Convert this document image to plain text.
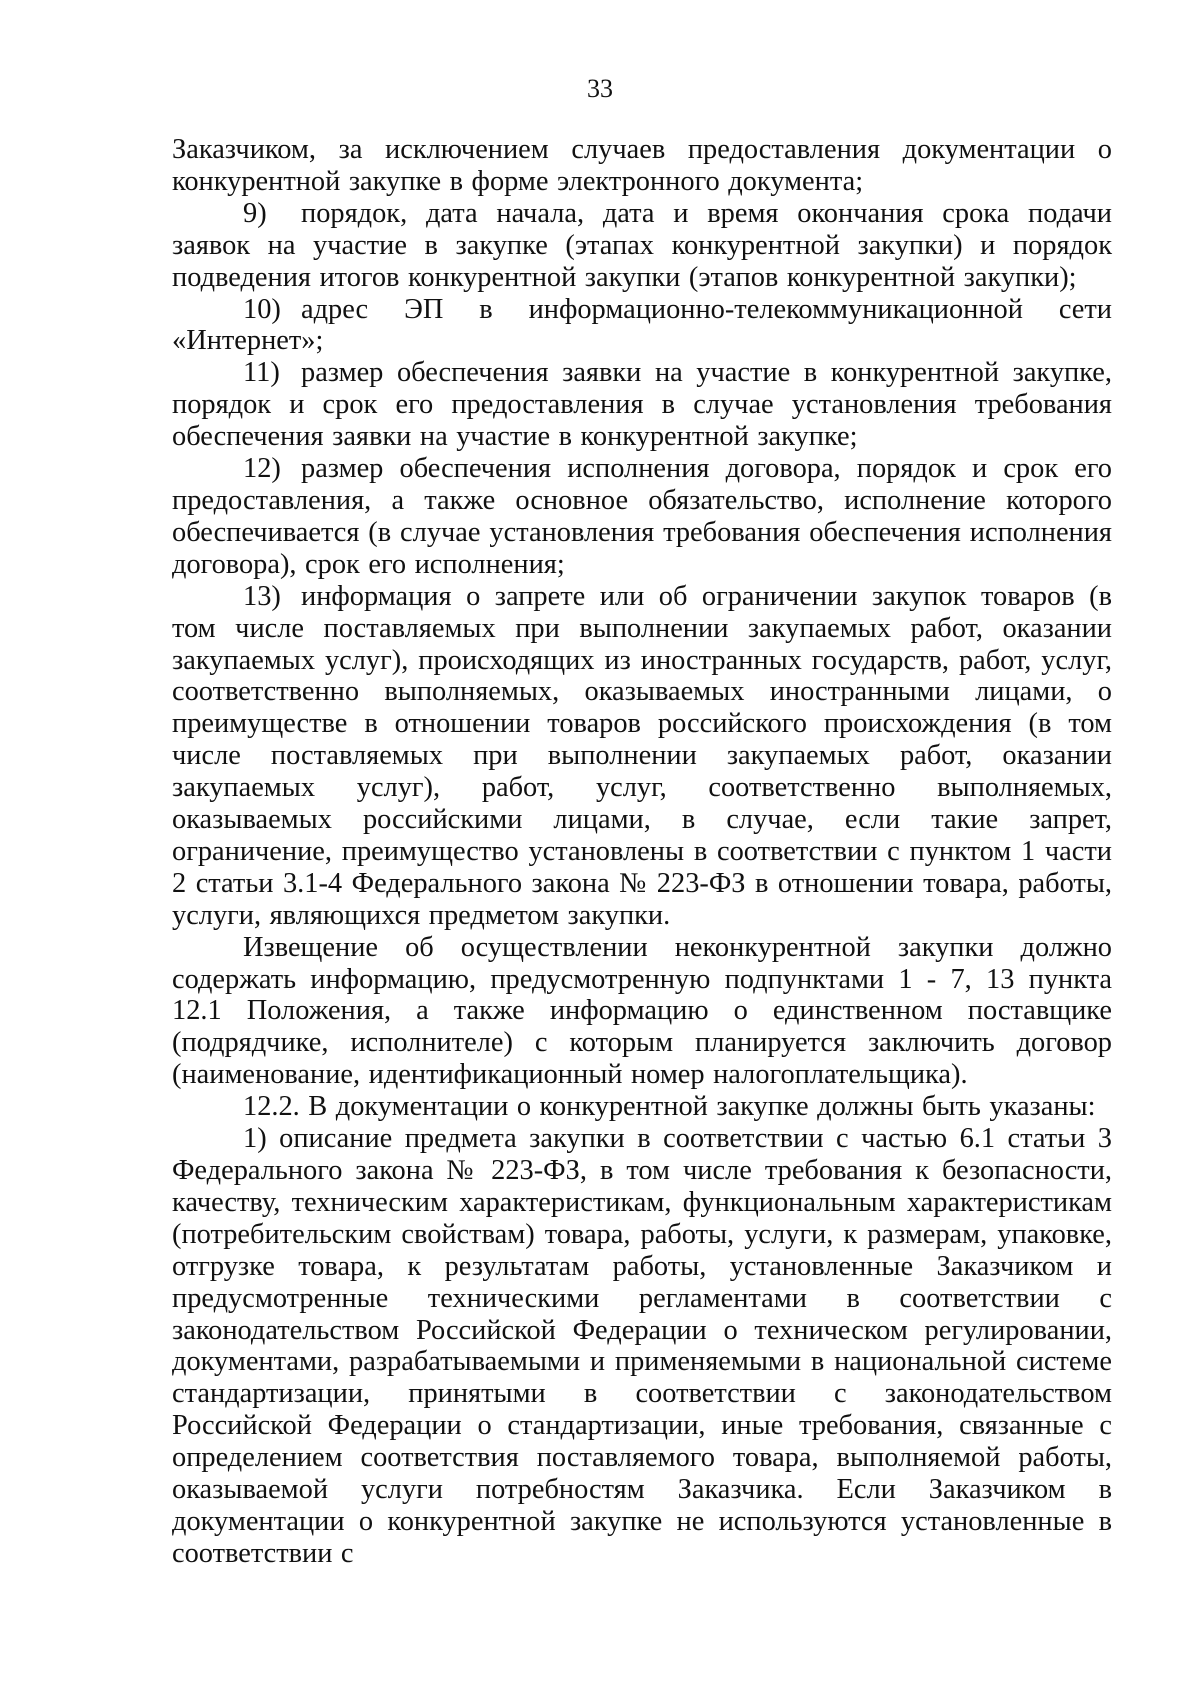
33

Заказчиком, за исключением случаев предоставления документации о конкурентной закупке в форме электронного документа;

9) порядок, дата начала, дата и время окончания срока подачи заявок на участие в закупке (этапах конкурентной закупки) и порядок подведения итогов конкурентной закупки (этапов конкурентной закупки);

10) адрес ЭП в информационно-телекоммуникационной сети «Интернет»;

11) размер обеспечения заявки на участие в конкурентной закупке, порядок и срок его предоставления в случае установления требования обеспечения заявки на участие в конкурентной закупке;

12) размер обеспечения исполнения договора, порядок и срок его предоставления, а также основное обязательство, исполнение которого обеспечивается (в случае установления требования обеспечения исполнения договора), срок его исполнения;

13) информация о запрете или об ограничении закупок товаров (в том числе поставляемых при выполнении закупаемых работ, оказании закупаемых услуг), происходящих из иностранных государств, работ, услуг, соответственно выполняемых, оказываемых иностранными лицами, о преимуществе в отношении товаров российского происхождения (в том числе поставляемых при выполнении закупаемых работ, оказании закупаемых услуг), работ, услуг, соответственно выполняемых, оказываемых российскими лицами, в случае, если такие запрет, ограничение, преимущество установлены в соответствии с пунктом 1 части 2 статьи 3.1-4 Федерального закона № 223-ФЗ в отношении товара, работы, услуги, являющихся предметом закупки.

Извещение об осуществлении неконкурентной закупки должно содержать информацию, предусмотренную подпунктами 1 - 7, 13 пункта 12.1 Положения, а также информацию о единственном поставщике (подрядчике, исполнителе) с которым планируется заключить договор (наименование, идентификационный номер налогоплательщика).

12.2. В документации о конкурентной закупке должны быть указаны:

1) описание предмета закупки в соответствии с частью 6.1 статьи 3 Федерального закона № 223-ФЗ, в том числе требования к безопасности, качеству, техническим характеристикам, функциональным характеристикам (потребительским свойствам) товара, работы, услуги, к размерам, упаковке, отгрузке товара, к результатам работы, установленные Заказчиком и предусмотренные техническими регламентами в соответствии с законодательством Российской Федерации о техническом регулировании, документами, разрабатываемыми и применяемыми в национальной системе стандартизации, принятыми в соответствии с законодательством Российской Федерации о стандартизации, иные требования, связанные с определением соответствия поставляемого товара, выполняемой работы, оказываемой услуги потребностям Заказчика. Если Заказчиком в документации о конкурентной закупке не используются установленные в соответствии с
